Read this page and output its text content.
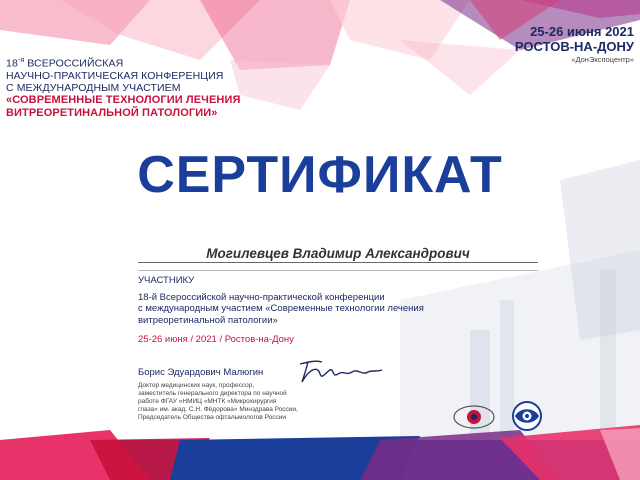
$18^{-я}$ ВСЕРОССИЙСКАЯ
НАУЧНО-ПРАКТИЧЕСКАЯ КОНФЕРЕНЦИЯ
С МЕЖДУНАРОДНЫМ УЧАСТИЕМ
«СОВРЕМЕННЫЕ ТЕХНОЛОГИИ ЛЕЧЕНИЯ
ВИТРЕОРЕТИНАЛЬНОЙ ПАТОЛОГИИ»
25-26 июня 2021
РОСТОВ-НА-ДОНУ
«ДонЭкспоцентр»
СЕРТИФИКАТ
Могилевцев Владимир Александрович
УЧАСТНИКУ
18-й Всероссийской научно-практической конференции
с международным участием «Современные технологии лечения
витреоретинальной патологии»
25-26 июня / 2021 / Ростов-на-Дону
Борис Эдуардович Малюгин
Доктор медицинских наук, профессор,
заместитель генерального директора по научной
работе ФГАУ «НМИЦ «МНТК «Микрохирургия
глаза» им. акад. С.Н. Фёдорова» Минздрава России,
Председатель Общества офтальмологов России
WWW.RETINA-CONGRESS.RU
